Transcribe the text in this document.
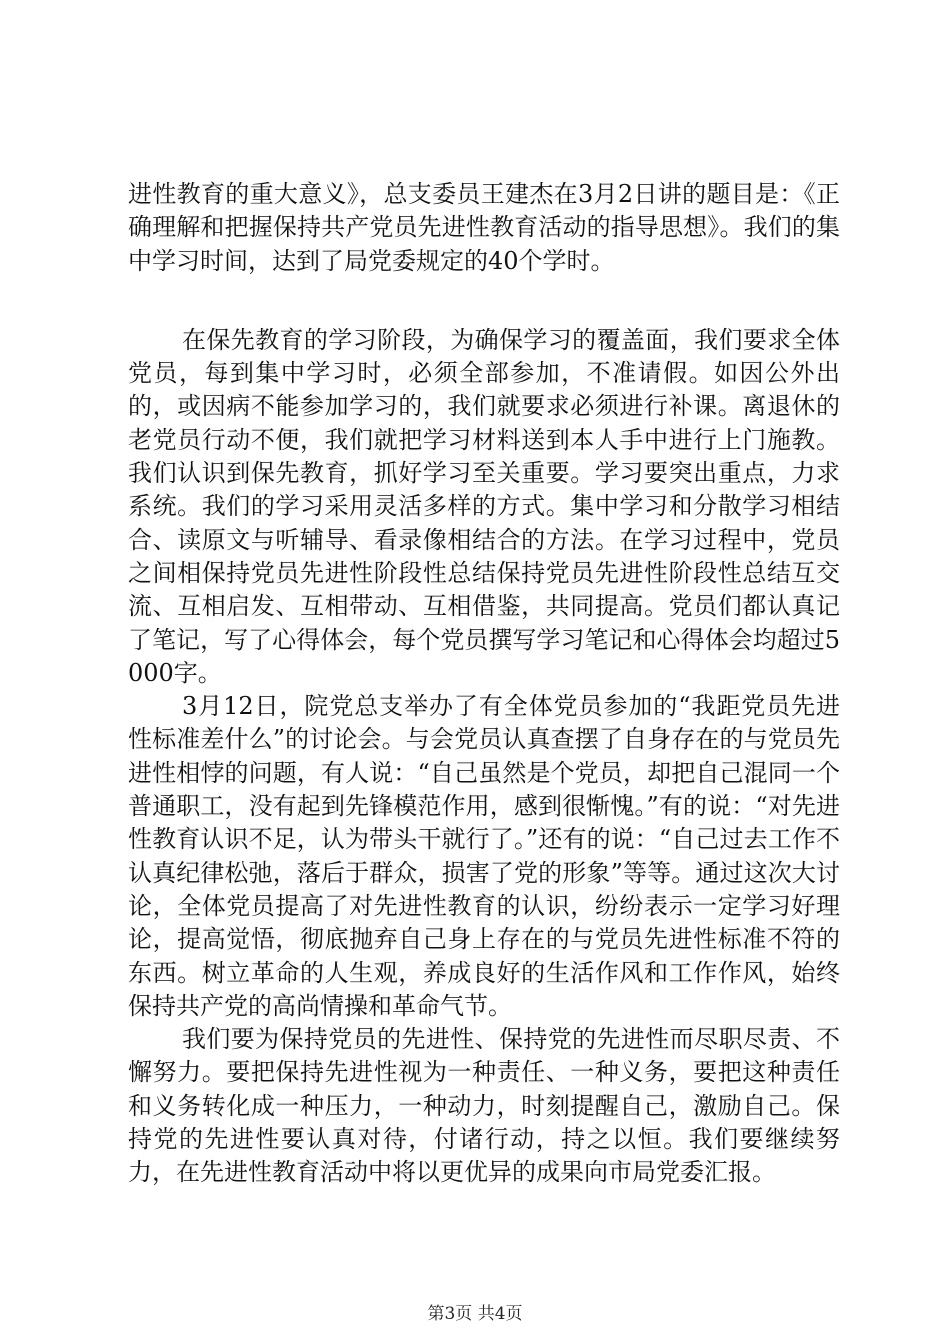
进性教育的重大意义》，总支委员王建杰在3月2日讲的题目是：《正确理解和把握保持共产党员先进性教育活动的指导思想》。我们的集中学习时间，达到了局党委规定的40个学时。

在保先教育的学习阶段，为确保学习的覆盖面，我们要求全体党员，每到集中学习时，必须全部参加，不准请假。如因公外出的，或因病不能参加学习的，我们就要求必须进行补课。离退休的老党员行动不便，我们就把学习材料送到本人手中进行上门施教。我们认识到保先教育，抓好学习至关重要。学习要突出重点，力求系统。我们的学习采用灵活多样的方式。集中学习和分散学习相结合、读原文与听辅导、看录像相结合的方法。在学习过程中，党员之间相保持党员先进性阶段性总结保持党员先进性阶段性总结互交流、互相启发、互相带动、互相借鉴，共同提高。党员们都认真记了笔记，写了心得体会，每个党员撰写学习笔记和心得体会均超过5000字。

3月12日，院党总支举办了有全体党员参加的“我距党员先进性标准差什么”的讨论会。与会党员认真查摆了自身存在的与党员先进性相悖的问题，有人说：“自己虽然是个党员，却把自己混同一个普通职工，没有起到先锋模范作用，感到很惭愧。”有的说：“对先进性教育认识不足，认为带头干就行了。”还有的说：“自己过去工作不认真纪律松弛，落后于群众，损害了党的形象”等等。通过这次大讨论，全体党员提高了对先进性教育的认识，纷纷表示一定学习好理论，提高觉悟，彻底抛弃自己身上存在的与党员先进性标准不符的东西。树立革命的人生观，养成良好的生活作风和工作作风，始终保持共产党的高尚情操和革命气节。

我们要为保持党员的先进性、保持党的先进性而尽职尽责、不懈努力。要把保持先进性视为一种责任、一种义务，要把这种责任和义务转化成一种压力，一种动力，时刻提醒自己，激励自己。保持党的先进性要认真对待，付诸行动，持之以恒。我们要继续努力，在先进性教育活动中将以更优异的成果向市局党委汇报。

第3页 共4页
